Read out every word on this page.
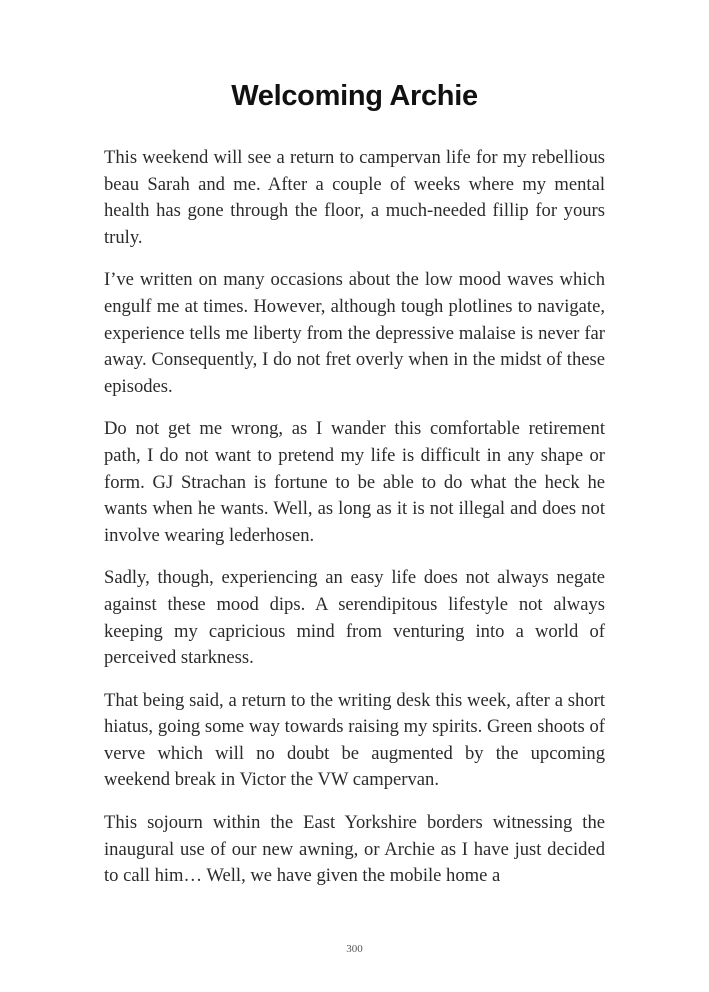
Welcoming Archie

This weekend will see a return to campervan life for my rebellious beau Sarah and me. After a couple of weeks where my mental health has gone through the floor, a much-needed fillip for yours truly.

I’ve written on many occasions about the low mood waves which engulf me at times. However, although tough plotlines to navigate, experience tells me liberty from the depressive malaise is never far away. Consequently, I do not fret overly when in the midst of these episodes.

Do not get me wrong, as I wander this comfortable retirement path, I do not want to pretend my life is difficult in any shape or form. GJ Strachan is fortune to be able to do what the heck he wants when he wants. Well, as long as it is not illegal and does not involve wearing lederhosen.

Sadly, though, experiencing an easy life does not always negate against these mood dips. A serendipitous lifestyle not always keeping my capricious mind from venturing into a world of perceived starkness.

That being said, a return to the writing desk this week, after a short hiatus, going some way towards raising my spirits. Green shoots of verve which will no doubt be augmented by the upcoming weekend break in Victor the VW campervan.

This sojourn within the East Yorkshire borders witnessing the inaugural use of our new awning, or Archie as I have just decided to call him… Well, we have given the mobile home a

300
